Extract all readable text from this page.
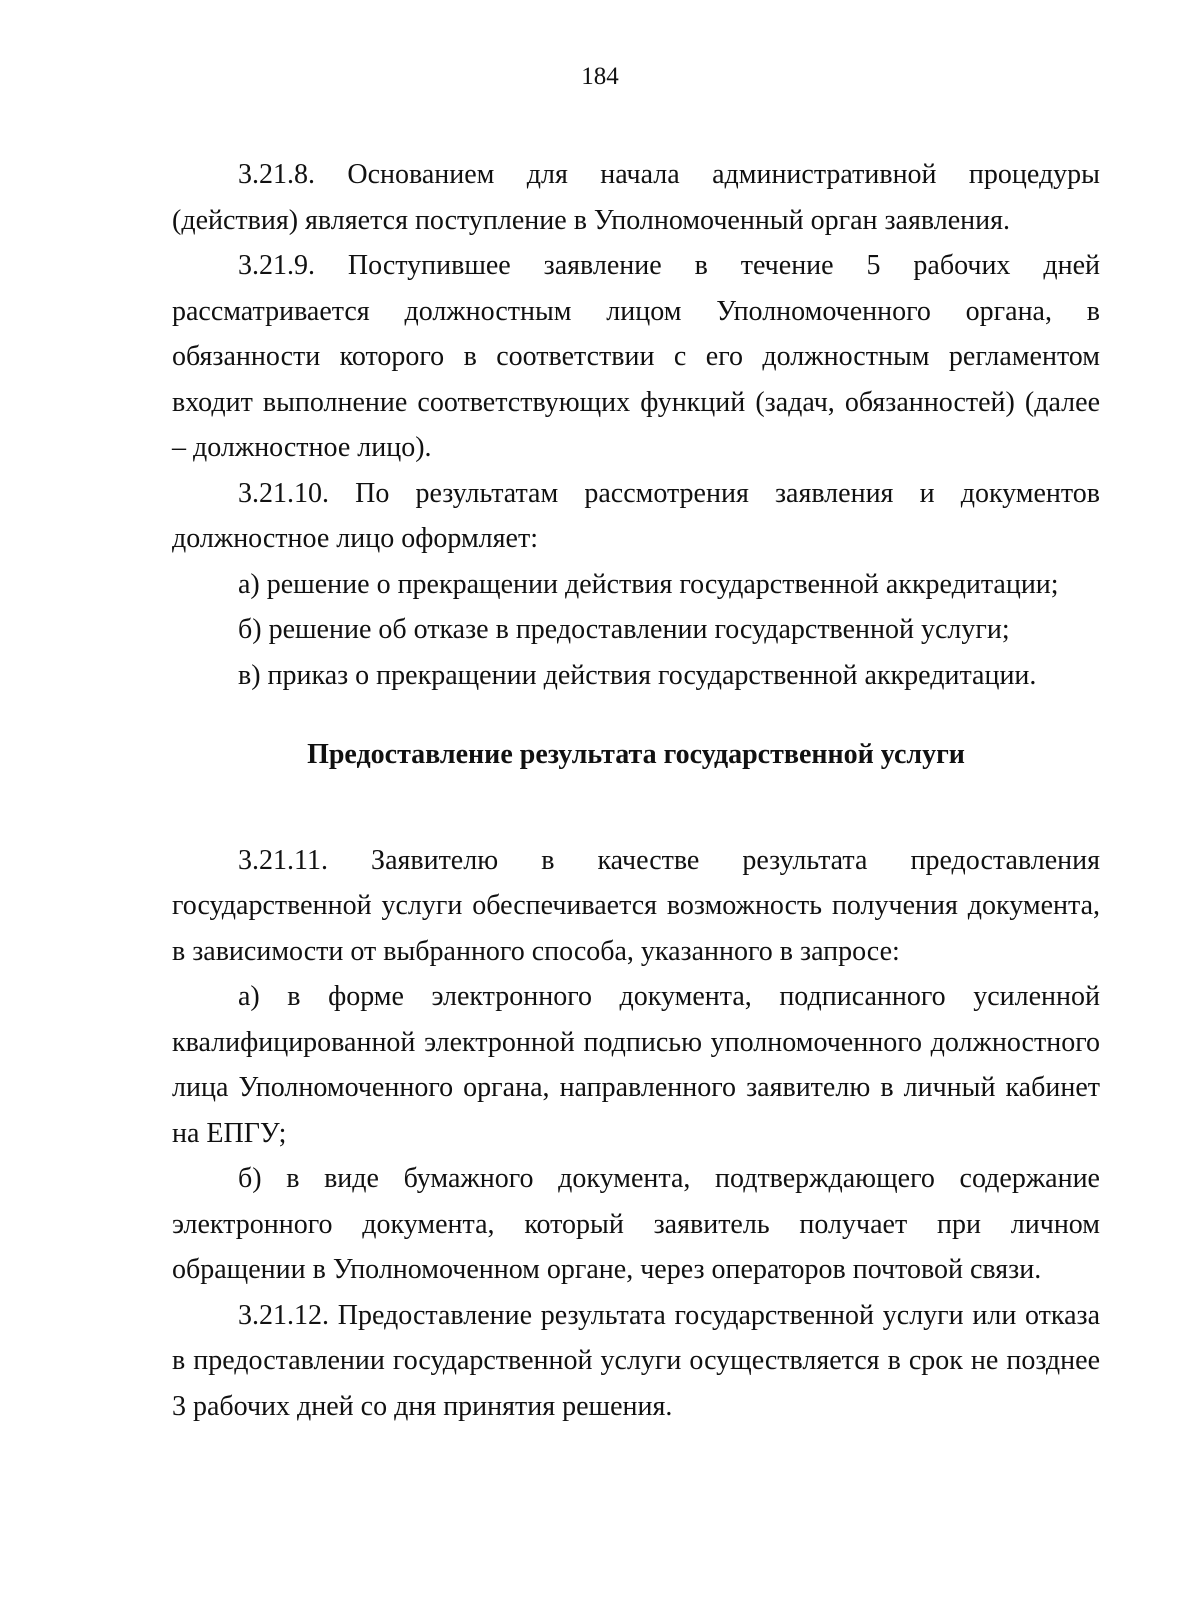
184

3.21.8. Основанием для начала административной процедуры (действия) является поступление в Уполномоченный орган заявления.

3.21.9. Поступившее заявление в течение 5 рабочих дней рассматривается должностным лицом Уполномоченного органа, в обязанности которого в соответствии с его должностным регламентом входит выполнение соответствующих функций (задач, обязанностей) (далее – должностное лицо).

3.21.10. По результатам рассмотрения заявления и документов должностное лицо оформляет:

а) решение о прекращении действия государственной аккредитации;

б) решение об отказе в предоставлении государственной услуги;

в) приказ о прекращении действия государственной аккредитации.

Предоставление результата государственной услуги

3.21.11. Заявителю в качестве результата предоставления государственной услуги обеспечивается возможность получения документа, в зависимости от выбранного способа, указанного в запросе:

а) в форме электронного документа, подписанного усиленной квалифицированной электронной подписью уполномоченного должностного лица Уполномоченного органа, направленного заявителю в личный кабинет на ЕПГУ;

б) в виде бумажного документа, подтверждающего содержание электронного документа, который заявитель получает при личном обращении в Уполномоченном органе, через операторов почтовой связи.

3.21.12. Предоставление результата государственной услуги или отказа в предоставлении государственной услуги осуществляется в срок не позднее 3 рабочих дней со дня принятия решения.
